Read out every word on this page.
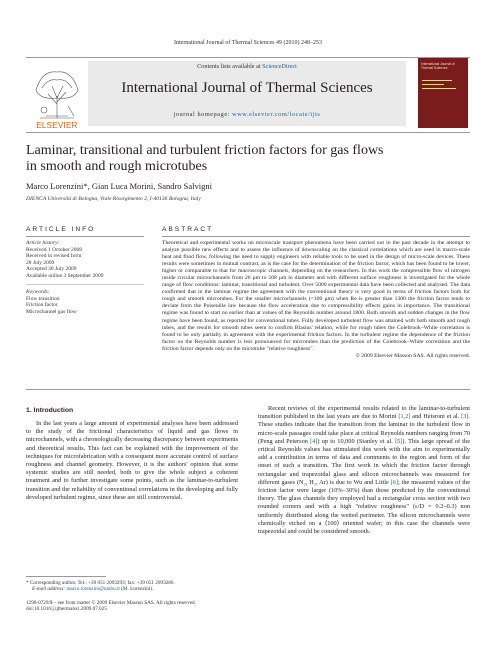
International Journal of Thermal Sciences 49 (2010) 248–253
ELSEVIER
Contents lists available at ScienceDirect
International Journal of Thermal Sciences
journal homepage: www.elsevier.com/locate/ijts
International Journal of Thermal Sciences
Laminar, transitional and turbulent friction factors for gas flows
in smooth and rough microtubes
Marco Lorenzini*, Gian Luca Morini, Sandro Salvigni
DIENCA Università di Bologna, Viale Risorgimento 2, I-40136 Bologna, Italy
ARTICLE INFO
Article history:
Received 1 October 2008
Received in revised form
28 July 2009
Accepted 30 July 2009
Available online 3 September 2009
Keywords:
Flow transition
Friction factor
Microchannel gas flow
ABSTRACT
Theoretical and experimental works on microscale transport phenomena have been carried out in the past decade in the attempt to analyze possible new effects and to assess the influence of downscaling on the classical correlations which are used in macro-scale heat and fluid flow, following the need to supply engineers with reliable tools to be used in the design of micro-scale devices. These results were sometimes in mutual contrast, as is the case for the determination of the friction factor, which has been found to be lower, higher or comparable to that for macroscopic channels, depending on the researchers. In this work the compressible flow of nitrogen inside circular microchannels from 26 μm to 508 μm in diameter and with different surface roughness is investigated for the whole range of flow conditions: laminar, transitional and turbulent. Over 5000 experimental data have been collected and analysed. The data confirmed that in the laminar regime the agreement with the conventional theory is very good in terms of friction factors both for rough and smooth microtubes. For the smaller microchannels (<100 μm) when Re is greater than 1300 the friction factor tends to deviate from the Poiseuille law because the flow acceleration due to compressibility effects gains in importance. The transitional regime was found to start no earlier than at values of the Reynolds number around 1800. Both smooth and sudden changes in the flow regime have been found, as reported for conventional tubes. Fully developed turbulent flow was attained with both smooth and rough tubes, and the results for smooth tubes seem to confirm Blasius' relation, while for rough tubes the Colebrook–White correlation is found to be only partially in agreement with the experimental friction factors. In the turbulent regime the dependence of the friction factor on the Reynolds number is less pronounced for microtubes than the prediction of the Colebrook–White correlation and the friction factor depends only on the microtube "relative roughness".
© 2009 Elsevier Masson SAS. All rights reserved.
1. Introduction

In the last years a large amount of experimental analyses have been addressed to the study of the frictional characteristics of liquid and gas flows in microchannels, with a chronologically decreasing discrepancy between experiments and theoretical results. This fact can be explained with the improvement of the techniques for microfabrication with a consequent more accurate control of surface roughness and channel geometry. However, it is the authors' opinion that some systemic studies are still needed, both to give the whole subject a coherent treatment and to further investigate some points, such as the laminar-to-turbulent transition and the reliability of conventional correlations in the developing and fully developed turbulent regime, since these are still controversial.

Recent reviews of the experimental results related to the laminar-to-turbulent transition published in the last years are due to Morini [1,2] and Hetsroni et al. [3]. These studies indicate that the transition from the laminar to the turbulent flow in micro-scale passages could take place at critical Reynolds numbers ranging from 70 (Peng and Peterson [4]) up to 10,000 (Stanley et al. [5]). This large spread of the critical Reynolds values has stimulated this work with the aim to experimentally add a contribution in terms of data and comments to the region and form of the onset of such a transition. The first work in which the friction factor through rectangular and trapezoidal glass and silicon microchannels was measured for different gases (N₂, H₂, Ar) is due to Wu and Little [6]; the measured values of the friction factor were larger (10%–30%) than those predicted by the conventional theory. The glass channels they employed had a rectangular cross section with two rounded corners and with a high "relative roughness" (ε/D = 0.2–0.3) non uniformly distributed along the wetted perimeter. The silicon microchannels were chemically etched on a ⟨100⟩ oriented wafer; in this case the channels were trapezoidal and could be considered smooth.

* Corresponding author. Tel.: +39 051 2093293; fax: +39 051 2093286.
E-mail address: marco.lorenzini@unibo.it (M. Lorenzini).
1290-0729/$ – see front matter © 2009 Elsevier Masson SAS. All rights reserved.
doi:10.1016/j.ijthermalsci.2009.07.025
